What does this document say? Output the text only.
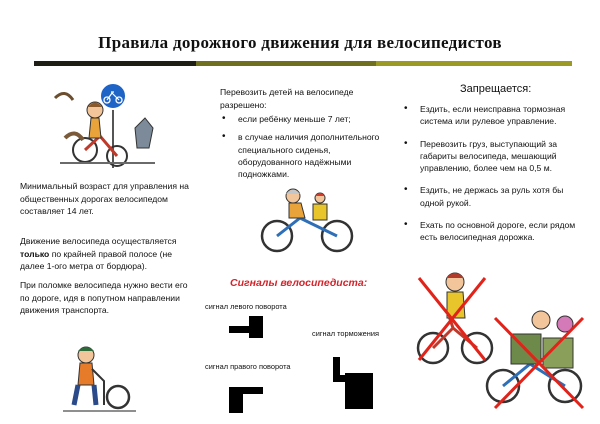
Правила дорожного движения для велосипедистов
Минимальный возраст для управления на общественных дорогах велосипедом составляет 14 лет.
Движение велосипеда осуществляется только по крайней правой полосе (не далее 1-ого метра от бордюра).
При поломке велосипеда нужно вести его по дороге, идя в попутном направлении движения транспорта.
Перевозить детей на велосипеде разрешено:
• если ребёнку меньше 7 лет;
• в случае наличия дополнительного специального сиденья, оборудованного надёжными подножками.
Сигналы велосипедиста:
сигнал левого поворота
сигнал торможения
сигнал правого поворота
Запрещается:
• Ездить, если неисправна тормозная система или рулевое управление.
• Перевозить груз, выступающий за габариты велосипеда, мешающий управлению, более чем на 0,5 м.
• Ездить, не держась за руль хотя бы одной рукой.
• Ехать по основной дороге, если рядом есть велосипедная дорожка.
